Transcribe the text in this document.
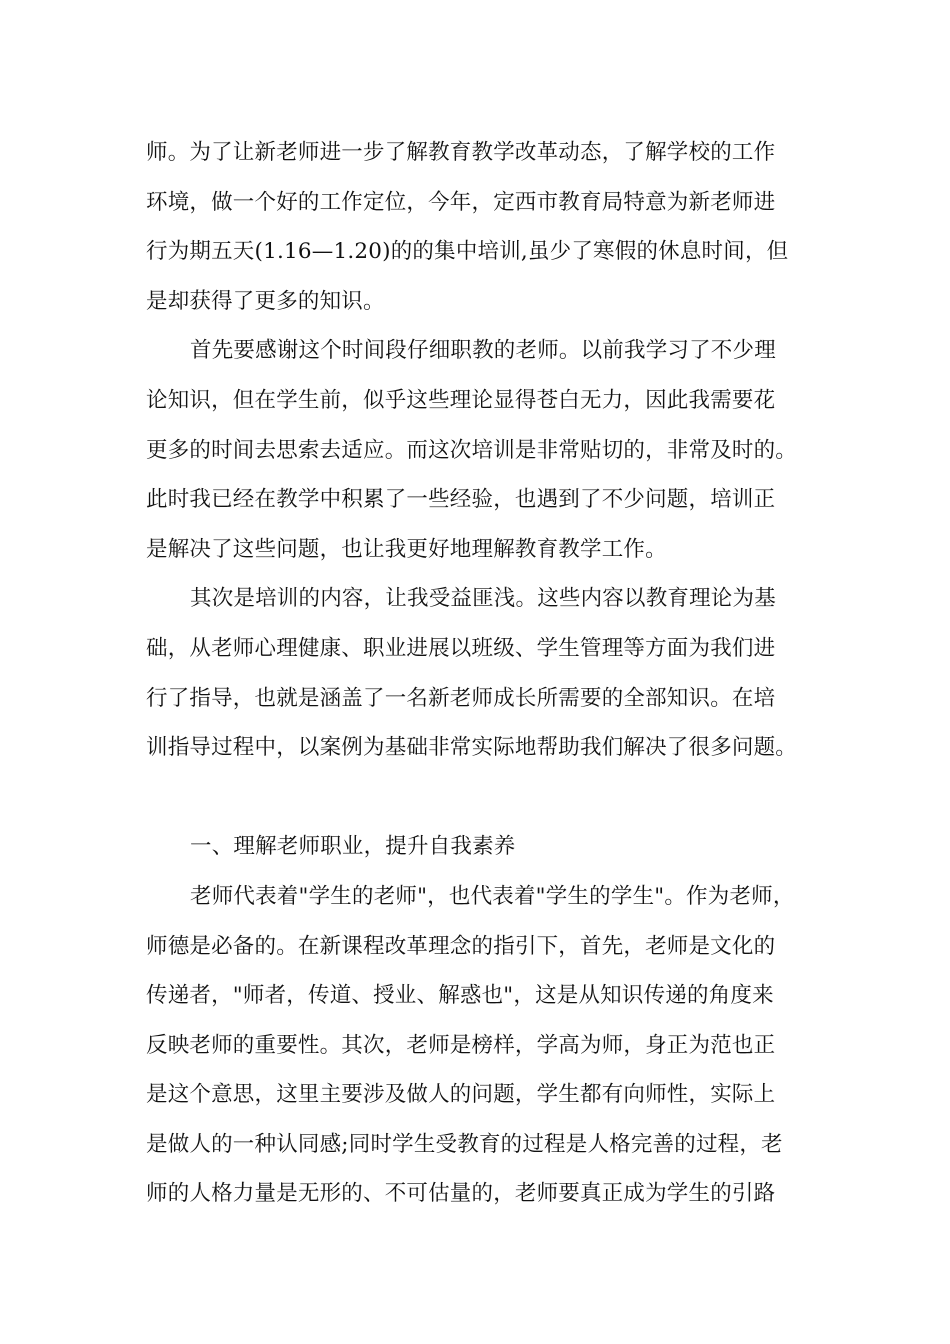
师。为了让新老师进一步了解教育教学改革动态，了解学校的工作
环境，做一个好的工作定位，今年，定西市教育局特意为新老师进
行为期五天(1.16—1.20)的的集中培训,虽少了寒假的休息时间，但
是却获得了更多的知识。
首先要感谢这个时间段仔细职教的老师。以前我学习了不少理
论知识，但在学生前，似乎这些理论显得苍白无力，因此我需要花
更多的时间去思索去适应。而这次培训是非常贴切的，非常及时的。
此时我已经在教学中积累了一些经验，也遇到了不少问题，培训正
是解决了这些问题，也让我更好地理解教育教学工作。
其次是培训的内容，让我受益匪浅。这些内容以教育理论为基
础，从老师心理健康、职业进展以班级、学生管理等方面为我们进
行了指导，也就是涵盖了一名新老师成长所需要的全部知识。在培
训指导过程中，以案例为基础非常实际地帮助我们解决了很多问题。
一、理解老师职业，提升自我素养
老师代表着"学生的老师"，也代表着"学生的学生"。作为老师，
师德是必备的。在新课程改革理念的指引下，首先，老师是文化的
传递者，"师者，传道、授业、解惑也"，这是从知识传递的角度来
反映老师的重要性。其次，老师是榜样，学高为师，身正为范也正
是这个意思，这里主要涉及做人的问题，学生都有向师性，实际上
是做人的一种认同感;同时学生受教育的过程是人格完善的过程，老
师的人格力量是无形的、不可估量的，老师要真正成为学生的引路
